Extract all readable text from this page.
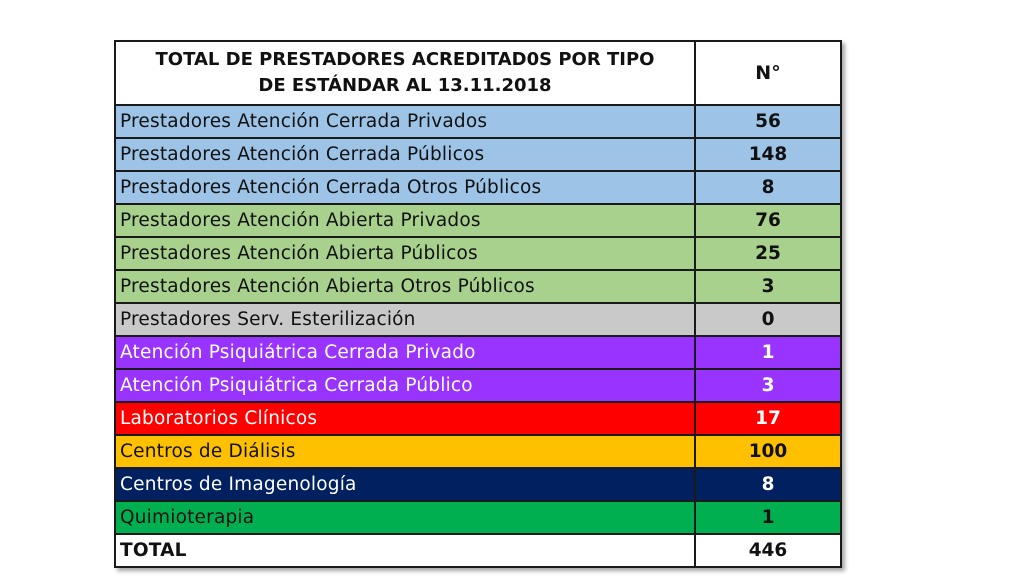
TOTAL DE PRESTADORES ACREDITAD0S POR TIPO
DE ESTÁNDAR AL 13.11.2018	N°
Prestadores Atención Cerrada Privados	56
Prestadores Atención Cerrada Públicos	148
Prestadores Atención Cerrada Otros Públicos	8
Prestadores Atención Abierta Privados	76
Prestadores Atención Abierta Públicos	25
Prestadores Atención Abierta Otros Públicos	3
Prestadores Serv. Esterilización	0
Atención Psiquiátrica Cerrada Privado	1
Atención Psiquiátrica Cerrada Público	3
Laboratorios Clínicos	17
Centros de Diálisis	100
Centros de Imagenología	8
Quimioterapia	1
TOTAL	446
